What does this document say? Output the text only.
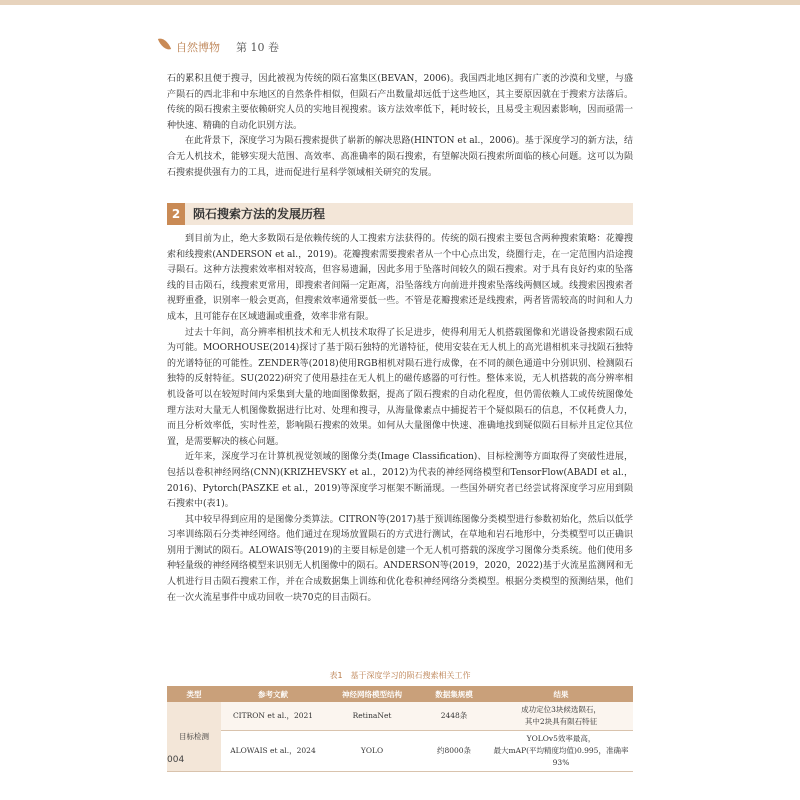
自然博物 第 10 卷

石的累积且便于搜寻，因此被视为传统的陨石富集区(BEVAN，2006)。我国西北地区拥有广袤的沙漠和戈壁，与盛产陨石的西北非和中东地区的自然条件相似，但陨石产出数量却远低于这些地区，其主要原因就在于搜索方法落后。传统的陨石搜索主要依赖研究人员的实地目视搜索。该方法效率低下，耗时较长，且易受主观因素影响，因而亟需一种快速、精确的自动化识别方法。

在此背景下，深度学习为陨石搜索提供了崭新的解决思路(HINTON et al.，2006)。基于深度学习的新方法，结合无人机技术，能够实现大范围、高效率、高准确率的陨石搜索，有望解决陨石搜索所面临的核心问题。这可以为陨石搜索提供强有力的工具，进而促进行星科学领域相关研究的发展。

2	陨石搜索方法的发展历程

到目前为止，绝大多数陨石是依赖传统的人工搜索方法获得的。传统的陨石搜索主要包含两种搜索策略：花瓣搜索和线搜索(ANDERSON et al.，2019)。花瓣搜索需要搜索者从一个中心点出发，绕圈行走，在一定范围内沿途搜寻陨石。这种方法搜索效率相对较高，但容易遗漏，因此多用于坠落时间较久的陨石搜索。对于具有良好约束的坠落线的目击陨石，线搜索更常用，即搜索者间隔一定距离，沿坠落线方向前进并搜索坠落线两侧区域。线搜索因搜索者视野重叠，识别率一般会更高，但搜索效率通常要低一些。不管是花瓣搜索还是线搜索，两者皆需较高的时间和人力成本，且可能存在区域遗漏或重叠，效率非常有限。

过去十年间，高分辨率相机技术和无人机技术取得了长足进步，使得利用无人机搭载图像和光谱设备搜索陨石成为可能。MOORHOUSE(2014)探讨了基于陨石独特的光谱特征，使用安装在无人机上的高光谱相机来寻找陨石独特的光谱特征的可能性。ZENDER等(2018)使用RGB相机对陨石进行成像，在不同的颜色通道中分别识别、检测陨石独特的反射特征。SU(2022)研究了使用悬挂在无人机上的磁传感器的可行性。整体来说，无人机搭载的高分辨率相机设备可以在较短时间内采集到大量的地面图像数据，提高了陨石搜索的自动化程度，但仍需依赖人工或传统图像处理方法对大量无人机图像数据进行比对、处理和搜寻，从海量像素点中捕捉若干个疑似陨石的信息，不仅耗费人力，而且分析效率低，实时性差，影响陨石搜索的效果。如何从大量图像中快速、准确地找到疑似陨石目标并且定位其位置，是需要解决的核心问题。

近年来，深度学习在计算机视觉领域的图像分类(Image Classification)、目标检测等方面取得了突破性进展，包括以卷积神经网络(CNN)(KRIZHEVSKY et al.，2012)为代表的神经网络模型和TensorFlow(ABADI et al.，2016)、Pytorch(PASZKE et al.，2019)等深度学习框架不断涌现。一些国外研究者已经尝试将深度学习应用到陨石搜索中(表1)。

其中较早得到应用的是图像分类算法。CITRON等(2017)基于预训练图像分类模型进行参数初始化，然后以低学习率训练陨石分类神经网络。他们通过在现场放置陨石的方式进行测试，在草地和岩石地形中，分类模型可以正确识别用于测试的陨石。ALOWAIS等(2019)的主要目标是创建一个无人机可搭载的深度学习图像分类系统。他们使用多种轻量级的神经网络模型来识别无人机图像中的陨石。ANDERSON等(2019，2020，2022)基于火流星监测网和无人机进行目击陨石搜索工作，并在合成数据集上训练和优化卷积神经网络分类模型。根据分类模型的预测结果，他们在一次火流星事件中成功回收一块70克的目击陨石。

表1　基于深度学习的陨石搜索相关工作
类型	参考文献	神经网络模型结构	数据集规模	结果
目标检测	CITRON et al.，2021	RetinaNet	2448条	成功定位3块候选陨石，
其中2块具有陨石特征

	ALOWAIS et al.，2024	YOLO	约8000条	YOLOv5效率最高，
最大mAP(平均精度均值)0.995，准确率93%
004
